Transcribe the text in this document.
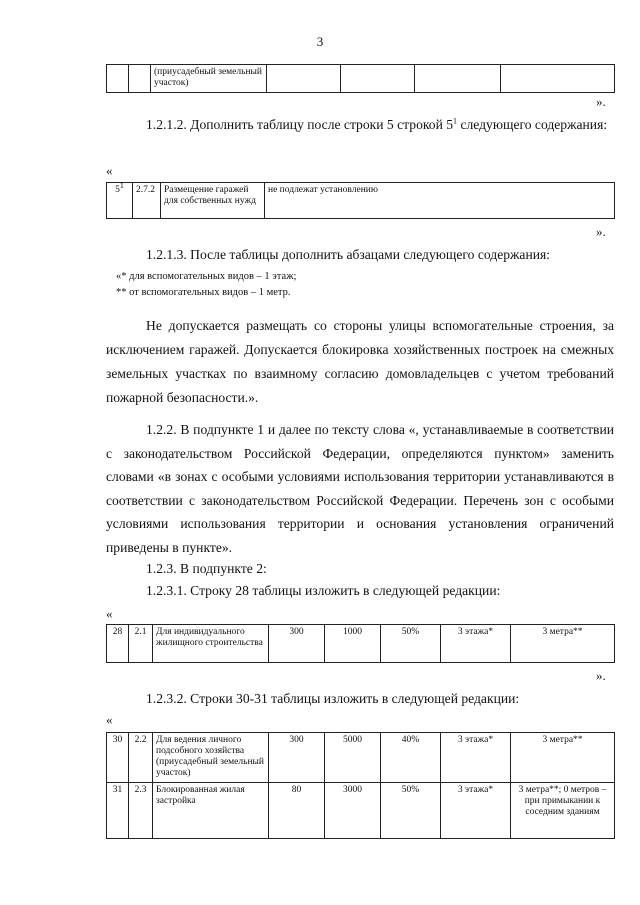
3
		(приусадебный земельный участок)				
».

1.2.1.2. Дополнить таблицу после строки 5 строкой $5^1$ следующего содержания:

«
$5^1$	2.7.2	Размещение гаражей для собственных нужд	не подлежат установлению
».

1.2.1.3. После таблицы дополнить абзацами следующего содержания:

«* для вспомогательных видов – 1 этаж;
** от вспомогательных видов – 1 метр.

Не допускается размещать со стороны улицы вспомогательные строения, за исключением гаражей. Допускается блокировка хозяйственных построек на смежных земельных участках по взаимному согласию домовладельцев с учетом требований пожарной безопасности.».

1.2.2. В подпункте 1 и далее по тексту слова «, устанавливаемые в соответствии с законодательством Российской Федерации, определяются пунктом» заменить словами «в зонах с особыми условиями использования территории устанавливаются в соответствии с законодательством Российской Федерации. Перечень зон с особыми условиями использования территории и основания установления ограничений приведены в пункте».

1.2.3. В подпункте 2:

1.2.3.1. Строку 28 таблицы изложить в следующей редакции:

«
28	2.1	Для индивидуального жилищного строительства	300	1000	50%	3 этажа*	3 метра**
».

1.2.3.2. Строки 30-31 таблицы изложить в следующей редакции:

«
30	2.2	Для ведения личного подсобного хозяйства (приусадебный земельный участок)	300	5000	40%	3 этажа*	3 метра**
31	2.3	Блокированная жилая застройка	80	3000	50%	3 этажа*	3 метра**; 0 метров – при примыкании к соседним зданиям
